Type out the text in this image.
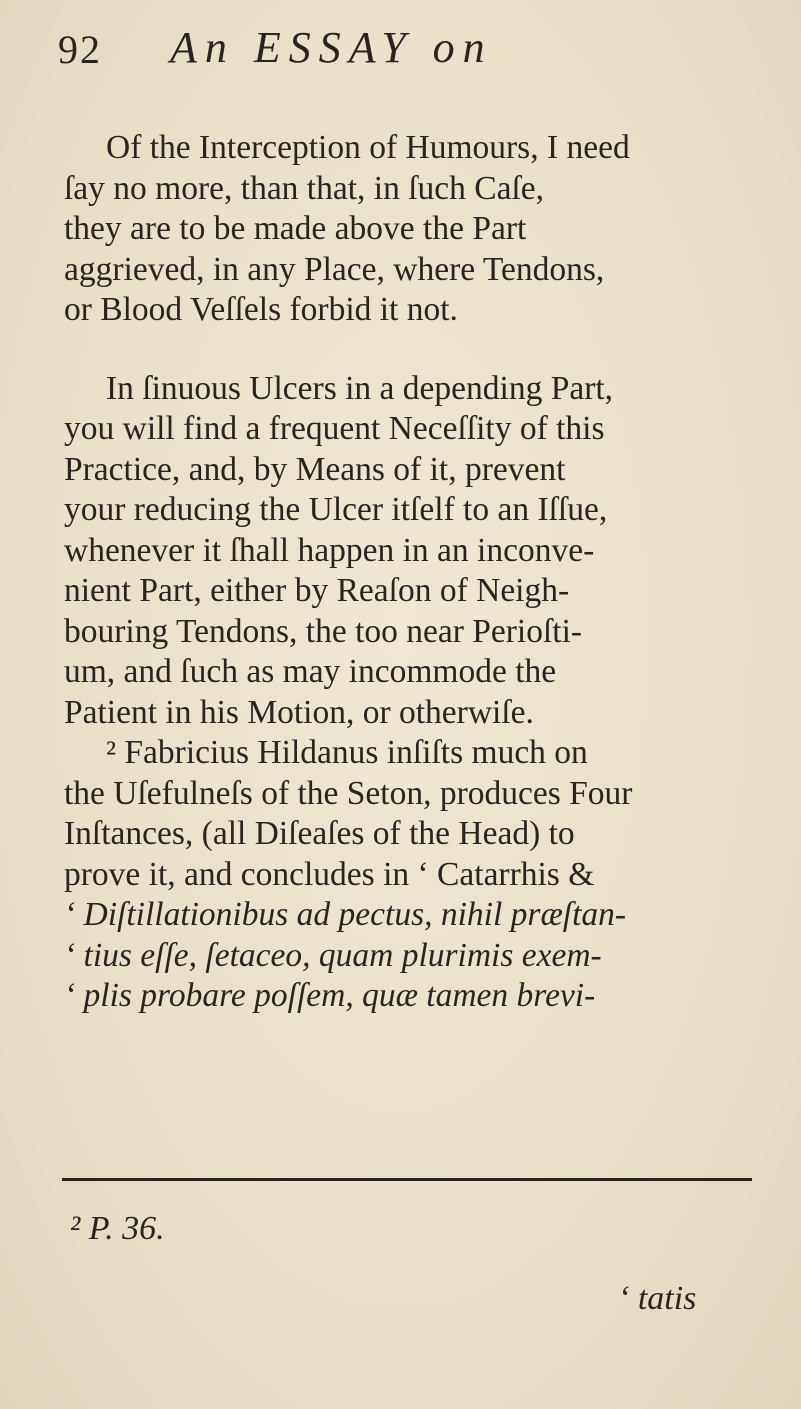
92 An ESSAY on
Of the Interception of Humours, I need
ſay no more, than that, in ſuch Caſe,
they are to be made above the Part
aggrieved, in any Place, where Tendons,
or Blood Veſſels forbid it not.
In ſinuous Ulcers in a depending Part,
you will find a frequent Neceſſity of this
Practice, and, by Means of it, prevent
your reducing the Ulcer itſelf to an Iſſue,
whenever it ſhall happen in an inconve-
nient Part, either by Reaſon of Neigh-
bouring Tendons, the too near Perioſti-
um, and ſuch as may incommode the
Patient in his Motion, or otherwiſe.
² Fabricius Hildanus inſiſts much on
the Uſefulneſs of the Seton, produces Four
Inſtances, (all Diſeaſes of the Head) to
prove it, and concludes in ‘ Catarrhis &
‘ Diſtillationibus ad pectus, nihil præſtan-
‘ tius eſſe, ſetaceo, quam plurimis exem-
‘ plis probare poſſem, quæ tamen brevi-
² P. 36.
‘ tatis
